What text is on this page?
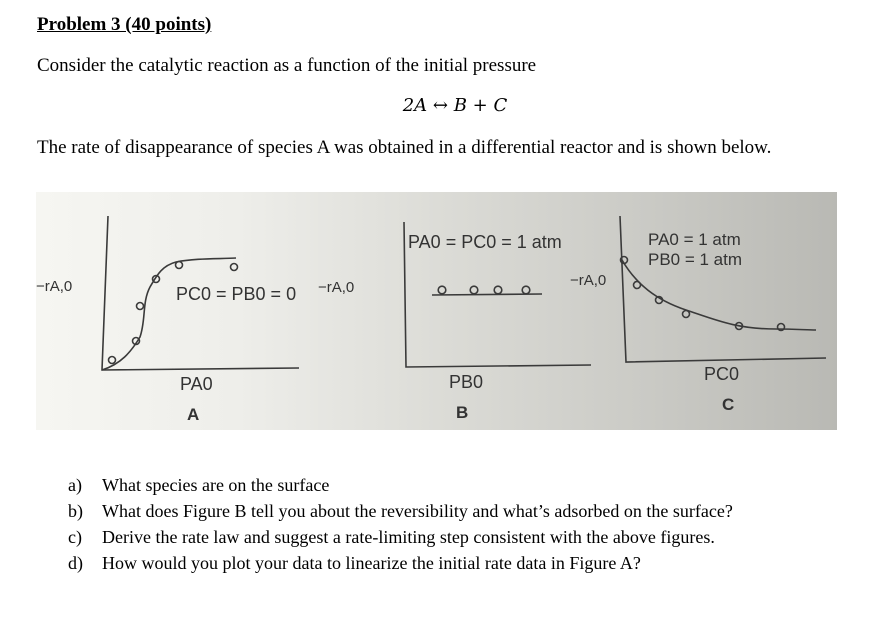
Problem 3 (40 points)
Consider the catalytic reaction as a function of the initial pressure
2A ↔ B + C
The rate of disappearance of species A was obtained in a differential reactor and is shown below.
−rA,0	PC0 = PB0 = 0
PA0
A
−rA,0
PA0 = PC0 = 1 atm
PB0
B
−rA,0
PA0 = 1 atm
PB0 = 1 atm
PC0
C
a)	What species are on the surface
b)	What does Figure B tell you about the reversibility and what’s adsorbed on the surface?
c)	Derive the rate law and suggest a rate-limiting step consistent with the above figures.
d)	How would you plot your data to linearize the initial rate data in Figure A?
